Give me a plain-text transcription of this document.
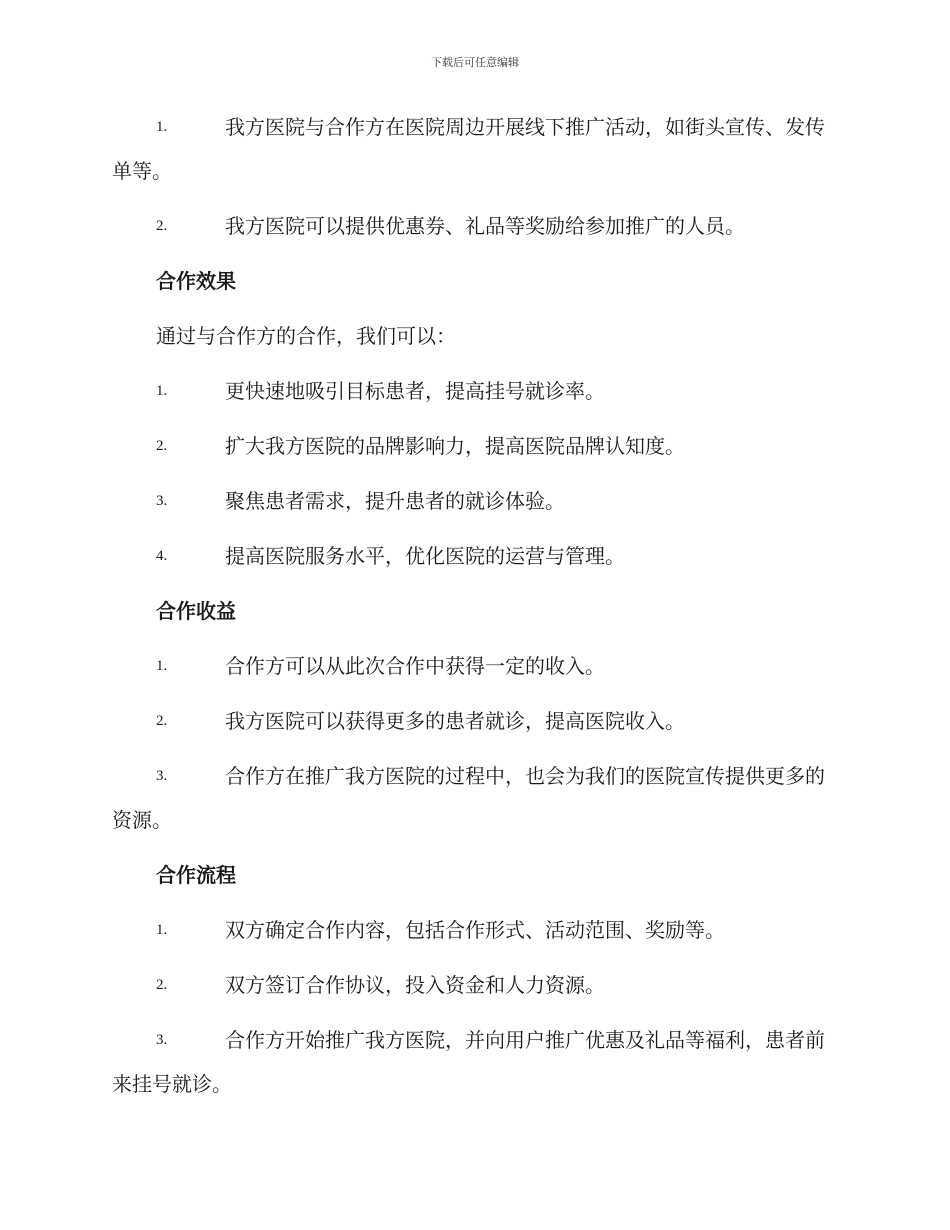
下载后可任意编辑
1.	我方医院与合作方在医院周边开展线下推广活动，如街头宣传、发传单等。
2.	我方医院可以提供优惠券、礼品等奖励给参加推广的人员。
合作效果
通过与合作方的合作，我们可以：
1.	更快速地吸引目标患者，提高挂号就诊率。
2.	扩大我方医院的品牌影响力，提高医院品牌认知度。
3.	聚焦患者需求，提升患者的就诊体验。
4.	提高医院服务水平，优化医院的运营与管理。
合作收益
1.	合作方可以从此次合作中获得一定的收入。
2.	我方医院可以获得更多的患者就诊，提高医院收入。
3.	合作方在推广我方医院的过程中，也会为我们的医院宣传提供更多的资源。
合作流程
1.	双方确定合作内容，包括合作形式、活动范围、奖励等。
2.	双方签订合作协议，投入资金和人力资源。
3.	合作方开始推广我方医院，并向用户推广优惠及礼品等福利，患者前来挂号就诊。
